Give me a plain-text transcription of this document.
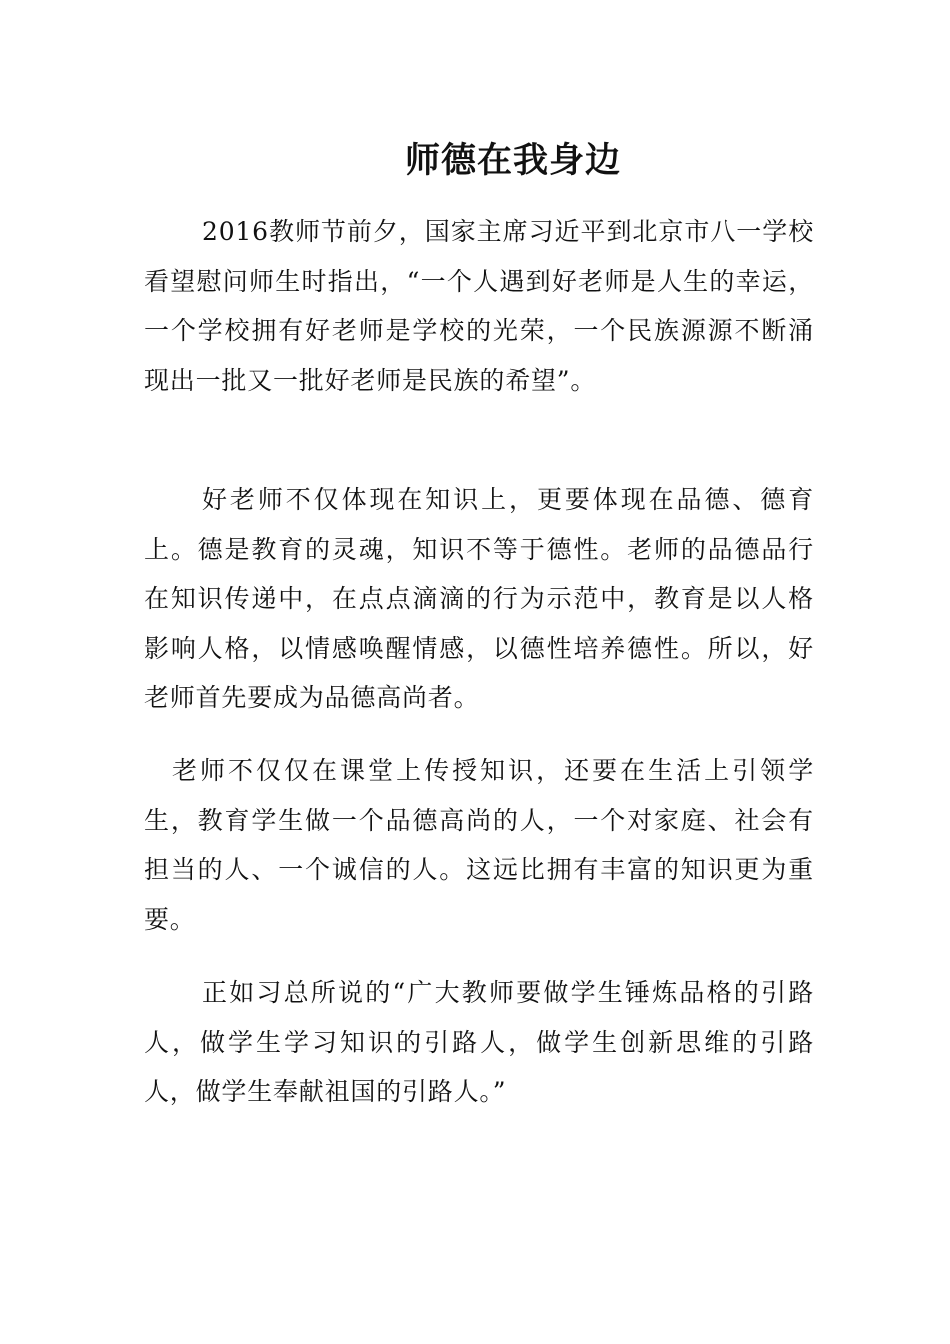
师德在我身边

2016教师节前夕，国家主席习近平到北京市八一学校看望慰问师生时指出，“一个人遇到好老师是人生的幸运，一个学校拥有好老师是学校的光荣，一个民族源源不断涌现出一批又一批好老师是民族的希望”。

好老师不仅体现在知识上，更要体现在品德、德育上。德是教育的灵魂，知识不等于德性。老师的品德品行在知识传递中，在点点滴滴的行为示范中，教育是以人格影响人格，以情感唤醒情感，以德性培养德性。所以，好老师首先要成为品德高尚者。

老师不仅仅在课堂上传授知识，还要在生活上引领学生，教育学生做一个品德高尚的人，一个对家庭、社会有担当的人、一个诚信的人。这远比拥有丰富的知识更为重要。

正如习总所说的“广大教师要做学生锤炼品格的引路人，做学生学习知识的引路人，做学生创新思维的引路人，做学生奉献祖国的引路人。”
